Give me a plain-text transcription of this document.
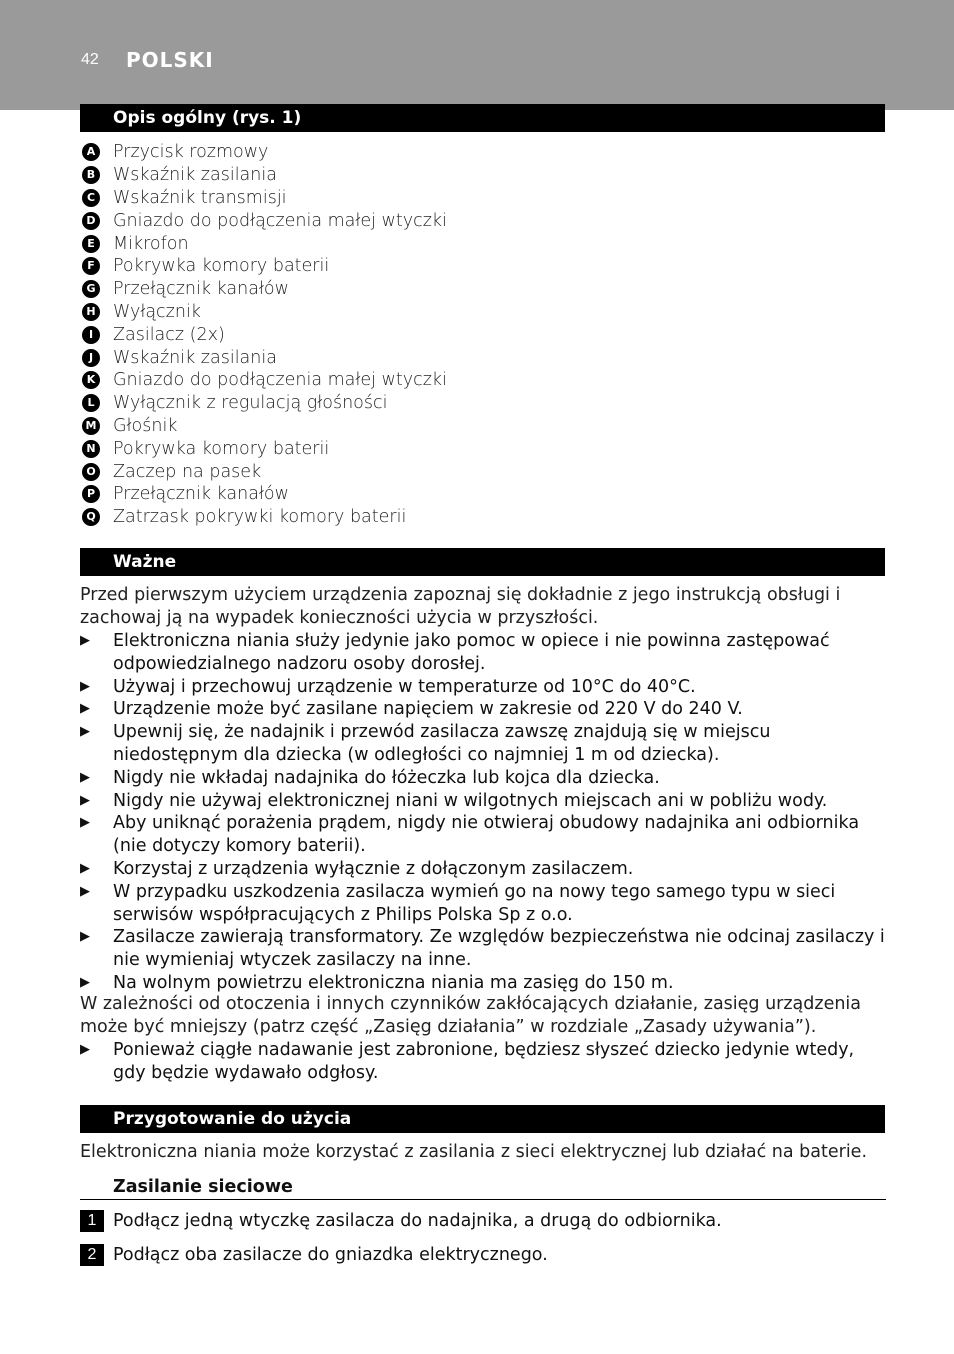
42 POLSKI
Opis ogólny (rys. 1)
A Przycisk rozmowy
B Wskaźnik zasilania
C Wskaźnik transmisji
D Gniazdo do podłączenia małej wtyczki
E	Mikrofon
F	Pokrywka komory baterii
G Przełącznik kanałów
H Wyłącznik
I	Zasilacz (2x)
J	Wskaźnik zasilania
K Gniazdo do podłączenia małej wtyczki
L	Wyłącznik z regulacją głośności
M Głośnik
N Pokrywka komory baterii
O Zaczep na pasek
P Przełącznik kanałów
Q Zatrzask pokrywki komory baterii
Ważne
Przed pierwszym użyciem urządzenia zapoznaj się dokładnie z jego instrukcją obsługi i zachowaj ją na wypadek konieczności użycia w przyszłości.
▶	Elektroniczna niania służy jedynie jako pomoc w opiece i nie powinna zastępować odpowiedzialnego nadzoru osoby dorosłej.
▶	Używaj i przechowuj urządzenie w temperaturze od 10°C do 40°C.
▶	Urządzenie może być zasilane napięciem w zakresie od 220 V do 240 V.
▶	Upewnij się, że nadajnik i przewód zasilacza zawszę znajdują się w miejscu niedostępnym dla dziecka (w odległości co najmniej 1 m od dziecka).
▶	Nigdy nie wkładaj nadajnika do łóżeczka lub kojca dla dziecka.
▶	Nigdy nie używaj elektronicznej niani w wilgotnych miejscach ani w pobliżu wody.
▶	Aby uniknąć porażenia prądem, nigdy nie otwieraj obudowy nadajnika ani odbiornika (nie dotyczy komory baterii).
▶	Korzystaj z urządzenia wyłącznie z dołączonym zasilaczem.
▶	W przypadku uszkodzenia zasilacza wymień go na nowy tego samego typu w sieci serwisów współpracujących z Philips Polska Sp z o.o.
▶	Zasilacze zawierają transformatory. Ze względów bezpieczeństwa nie odcinaj zasilaczy i nie wymieniaj wtyczek zasilaczy na inne.
▶	Na wolnym powietrzu elektroniczna niania ma zasięg do 150 m.
W zależności od otoczenia i innych czynników zakłócających działanie, zasięg urządzenia może być mniejszy (patrz część „Zasięg działania” w rozdziale „Zasady używania”).
▶	Ponieważ ciągłe nadawanie jest zabronione, będziesz słyszeć dziecko jedynie wtedy, gdy będzie wydawało odgłosy.
Przygotowanie do użycia
Elektroniczna niania może korzystać z zasilania z sieci elektrycznej lub działać na baterie.
Zasilanie sieciowe
1 Podłącz jedną wtyczkę zasilacza do nadajnika, a drugą do odbiornika.
2 Podłącz oba zasilacze do gniazdka elektrycznego.
